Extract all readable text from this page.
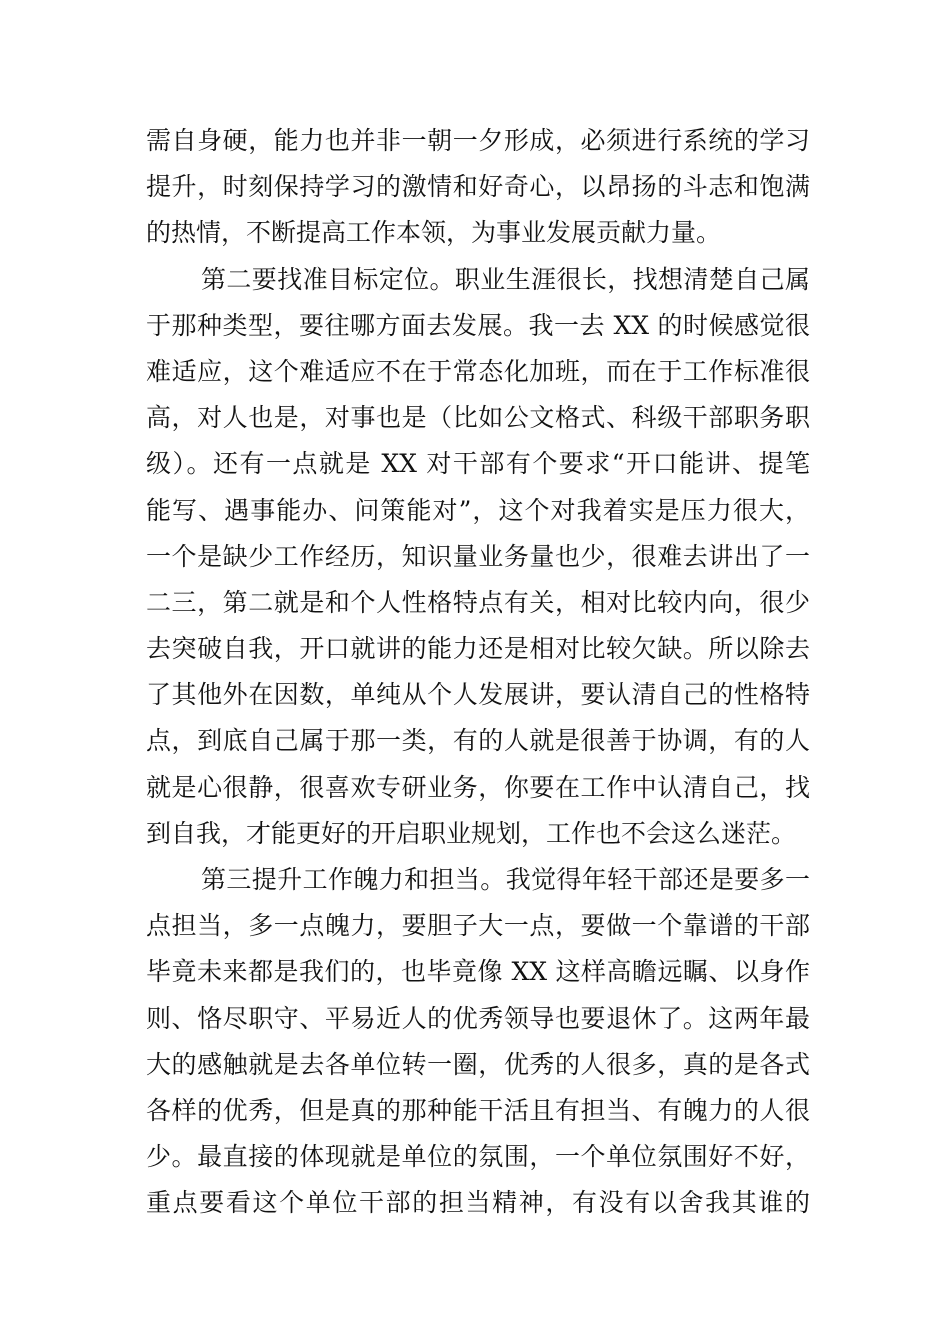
需自身硬，能力也并非一朝一夕形成，必须进行系统的学习
提升，时刻保持学习的激情和好奇心，以昂扬的斗志和饱满
的热情，不断提高工作本领，为事业发展贡献力量。
第二要找准目标定位。职业生涯很长，找想清楚自己属
于那种类型，要往哪方面去发展。我一去 XX 的时候感觉很
难适应，这个难适应不在于常态化加班，而在于工作标准很
高，对人也是，对事也是（比如公文格式、科级干部职务职
级）。还有一点就是 XX 对干部有个要求“开口能讲、提笔
能写、遇事能办、问策能对”，这个对我着实是压力很大，
一个是缺少工作经历，知识量业务量也少，很难去讲出了一
二三，第二就是和个人性格特点有关，相对比较内向，很少
去突破自我，开口就讲的能力还是相对比较欠缺。所以除去
了其他外在因数，单纯从个人发展讲，要认清自己的性格特
点，到底自己属于那一类，有的人就是很善于协调，有的人
就是心很静，很喜欢专研业务，你要在工作中认清自己，找
到自我，才能更好的开启职业规划，工作也不会这么迷茫。
第三提升工作魄力和担当。我觉得年轻干部还是要多一
点担当，多一点魄力，要胆子大一点，要做一个靠谱的干部
毕竟未来都是我们的，也毕竟像 XX 这样高瞻远瞩、以身作
则、恪尽职守、平易近人的优秀领导也要退休了。这两年最
大的感触就是去各单位转一圈，优秀的人很多，真的是各式
各样的优秀，但是真的那种能干活且有担当、有魄力的人很
少。最直接的体现就是单位的氛围，一个单位氛围好不好，
重点要看这个单位干部的担当精神，有没有以舍我其谁的
